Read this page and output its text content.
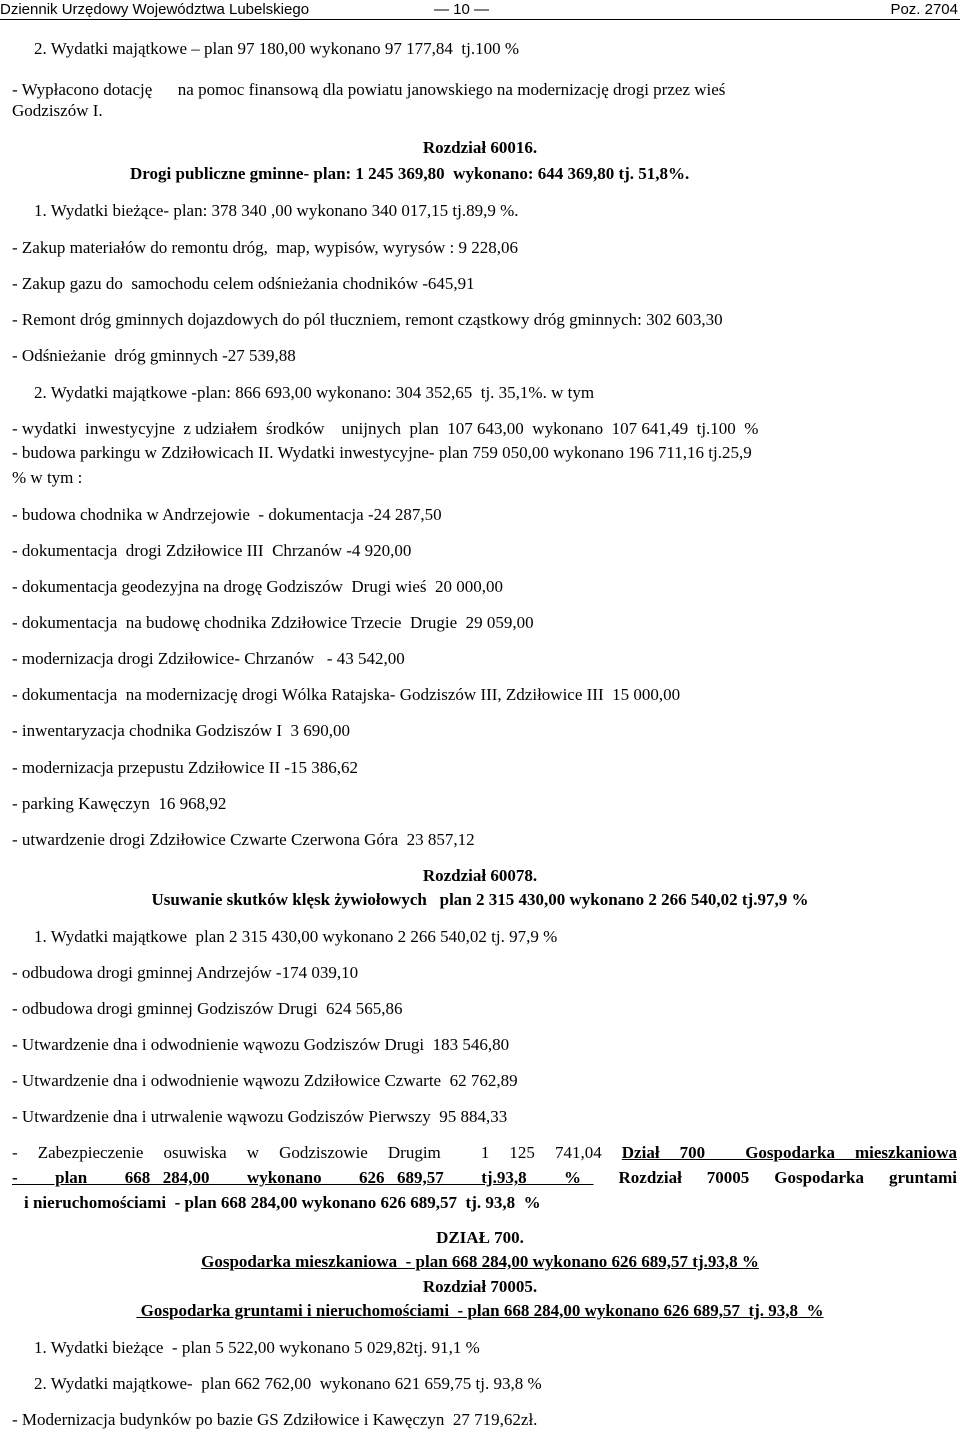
Dziennik Urzędowy Województwa Lubelskiego	— 10 —	Poz. 2704
2. Wydatki majątkowe – plan 97 180,00 wykonano 97 177,84  tj.100 %
- Wypłacono dotację      na pomoc finansową dla powiatu janowskiego na modernizację drogi przez wieś
Godziszów I.
Rozdział 60016.
Drogi publiczne gminne- plan: 1 245 369,80  wykonano: 644 369,80 tj. 51,8%.
1. Wydatki bieżące- plan: 378 340 ,00 wykonano 340 017,15 tj.89,9 %.
- Zakup materiałów do remontu dróg,  map, wypisów, wyrysów : 9 228,06
- Zakup gazu do  samochodu celem odśnieżania chodników -645,91
- Remont dróg gminnych dojazdowych do pól tłuczniem, remont cząstkowy dróg gminnych: 302 603,30
- Odśnieżanie  dróg gminnych -27 539,88
2. Wydatki majątkowe -plan: 866 693,00 wykonano: 304 352,65  tj. 35,1%. w tym
- wydatki  inwestycyjne  z udziałem  środków    unijnych  plan  107 643,00  wykonano  107 641,49  tj.100  %
- budowa parkingu w Zdziłowicach II. Wydatki inwestycyjne- plan 759 050,00 wykonano 196 711,16 tj.25,9
% w tym :
- budowa chodnika w Andrzejowie  - dokumentacja -24 287,50
- dokumentacja  drogi Zdziłowice III  Chrzanów -4 920,00
- dokumentacja geodezyjna na drogę Godziszów  Drugi wieś  20 000,00
- dokumentacja  na budowę chodnika Zdziłowice Trzecie  Drugie  29 059,00
- modernizacja drogi Zdziłowice- Chrzanów   - 43 542,00
- dokumentacja  na modernizację drogi Wólka Ratajska- Godziszów III, Zdziłowice III  15 000,00
- inwentaryzacja chodnika Godziszów I  3 690,00
- modernizacja przepustu Zdziłowice II -15 386,62
- parking Kawęczyn  16 968,92
- utwardzenie drogi Zdziłowice Czwarte Czerwona Góra  23 857,12
Rozdział 60078.
Usuwanie skutków klęsk żywiołowych   plan 2 315 430,00 wykonano 2 266 540,02 tj.97,9 %
1. Wydatki majątkowe  plan 2 315 430,00 wykonano 2 266 540,02 tj. 97,9 %
- odbudowa drogi gminnej Andrzejów -174 039,10
- odbudowa drogi gminnej Godziszów Drugi  624 565,86
- Utwardzenie dna i odwodnienie wąwozu Godziszów Drugi  183 546,80
- Utwardzenie dna i odwodnienie wąwozu Zdziłowice Czwarte  62 762,89
- Utwardzenie dna i utrwalenie wąwozu Godziszów Pierwszy  95 884,33
- Zabezpieczenie osuwiska w Godziszowie Drugim  1 125 741,04 Dział 700  Gospodarka mieszkaniowa
-   plan   668 284,00   wykonano   626 689,57   tj.93,8   %   Rozdział  70005  Gospodarka  gruntami
i nieruchomościami  - plan 668 284,00 wykonano 626 689,57  tj. 93,8  %
DZIAŁ 700.
Gospodarka mieszkaniowa  - plan 668 284,00 wykonano 626 689,57 tj.93,8 %
Rozdział 70005.
Gospodarka gruntami i nieruchomościami  - plan 668 284,00 wykonano 626 689,57  tj. 93,8  %
1. Wydatki bieżące  - plan 5 522,00 wykonano 5 029,82tj. 91,1 %
2. Wydatki majątkowe-  plan 662 762,00  wykonano 621 659,75 tj. 93,8 %
- Modernizacja budynków po bazie GS Zdziłowice i Kawęczyn  27 719,62zł.
